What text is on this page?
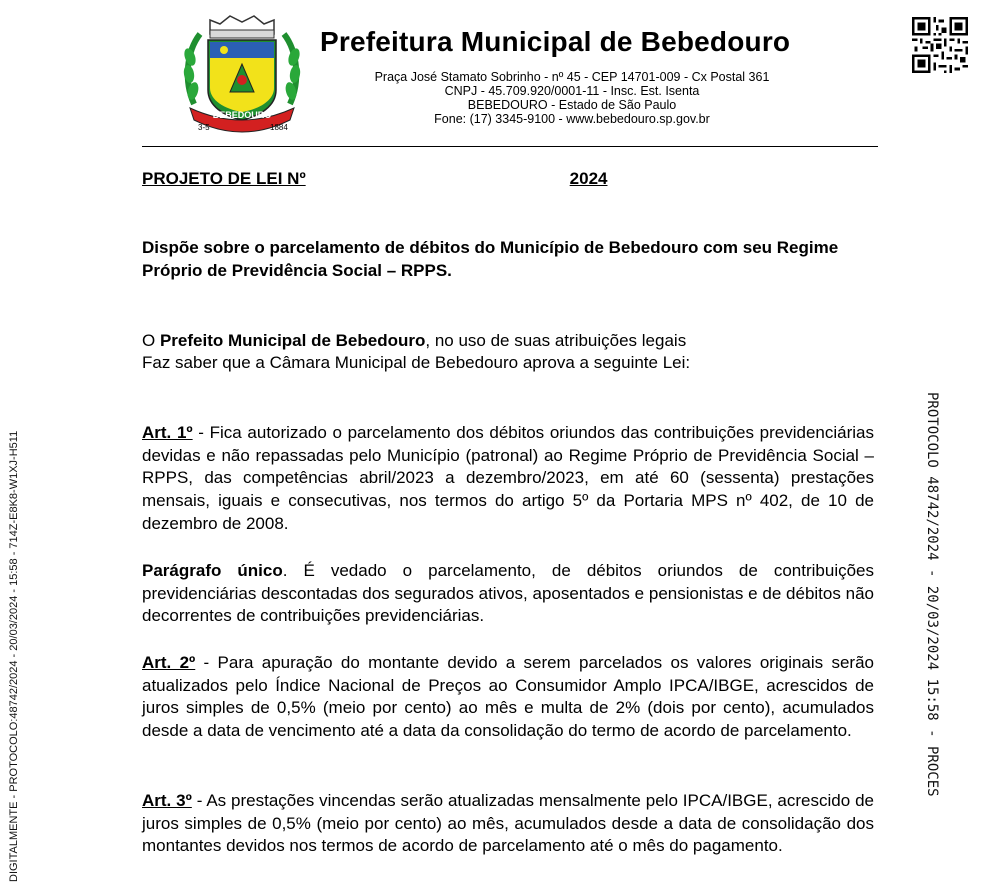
BEBEDOURO
3-5	1884
Prefeitura Municipal de Bebedouro
Praça José Stamato Sobrinho - nº 45 - CEP 14701-009 - Cx Postal 361
CNPJ - 45.709.920/0001-11 - Insc. Est. Isenta
BEBEDOURO - Estado de São Paulo
Fone: (17) 3345-9100 - www.bebedouro.sp.gov.br
PROJETO DE LEI Nº	2024
Dispõe sobre o parcelamento de débitos do Município de Bebedouro com seu Regime Próprio de Previdência Social – RPPS.
O Prefeito Municipal de Bebedouro, no uso de suas atribuições legais
Faz saber que a Câmara Municipal de Bebedouro aprova a seguinte Lei:
Art. 1º - Fica autorizado o parcelamento dos débitos oriundos das contribuições previdenciárias devidas e não repassadas pelo Município (patronal) ao Regime Próprio de Previdência Social – RPPS, das competências abril/2023 a dezembro/2023, em até 60 (sessenta) prestações mensais, iguais e consecutivas, nos termos do artigo 5º da Portaria MPS nº 402, de 10 de dezembro de 2008.
Parágrafo único. É vedado o parcelamento, de débitos oriundos de contribuições previdenciárias descontadas dos segurados ativos, aposentados e pensionistas e de débitos não decorrentes de contribuições previdenciárias.
Art. 2º - Para apuração do montante devido a serem parcelados os valores originais serão atualizados pelo Índice Nacional de Preços ao Consumidor Amplo IPCA/IBGE, acrescidos de juros simples de 0,5% (meio por cento) ao mês e multa de 2% (dois por cento), acumulados desde a data de vencimento até a data da consolidação do termo de acordo de parcelamento.
Art. 3º - As prestações vincendas serão atualizadas mensalmente pelo IPCA/IBGE, acrescido de juros simples de 0,5% (meio por cento) ao mês, acumulados desde a data de consolidação dos montantes devidos nos termos de acordo de parcelamento até o mês do pagamento.
DIGITALMENTE - PROTOCOLO:48742/2024 - 20/03/2024 - 15:58 - 714Z-E8K8-W1XJ-H511	PROTOCOLO 48742/2024 - 20/03/2024 15:58 - PROCES
